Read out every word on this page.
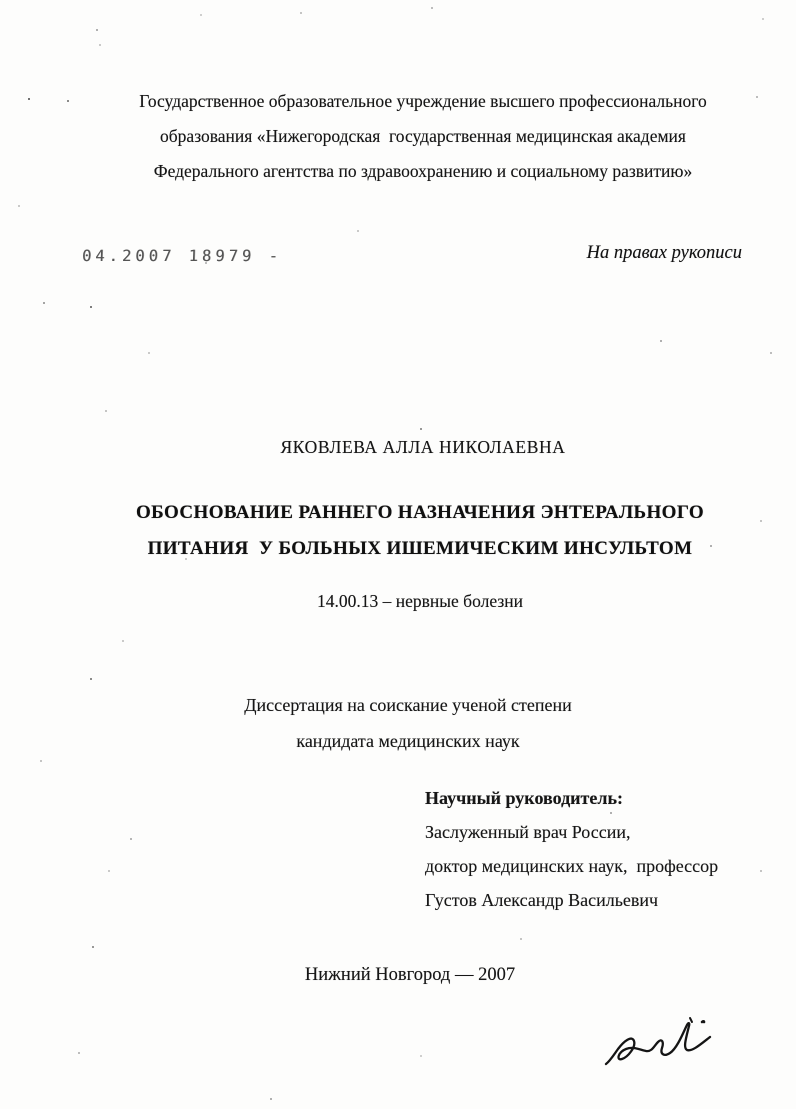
Государственное образовательное учреждение высшего профессионального
образования «Нижегородская  государственная медицинская академия
Федерального агентства по здравоохранению и социальному развитию»
04.2007 18979 -	На правах рукописи
ЯКОВЛЕВА АЛЛА НИКОЛАЕВНА
ОБОСНОВАНИЕ РАННЕГО НАЗНАЧЕНИЯ ЭНТЕРАЛЬНОГО
ПИТАНИЯ  У БОЛЬНЫХ ИШЕМИЧЕСКИМ ИНСУЛЬТОМ
14.00.13 – нервные болезни
Диссертация на соискание ученой степени
кандидата медицинских наук
Научный руководитель:
Заслуженный врач России,
доктор медицинских наук,  профессор
Густов Александр Васильевич
Нижний Новгород — 2007
